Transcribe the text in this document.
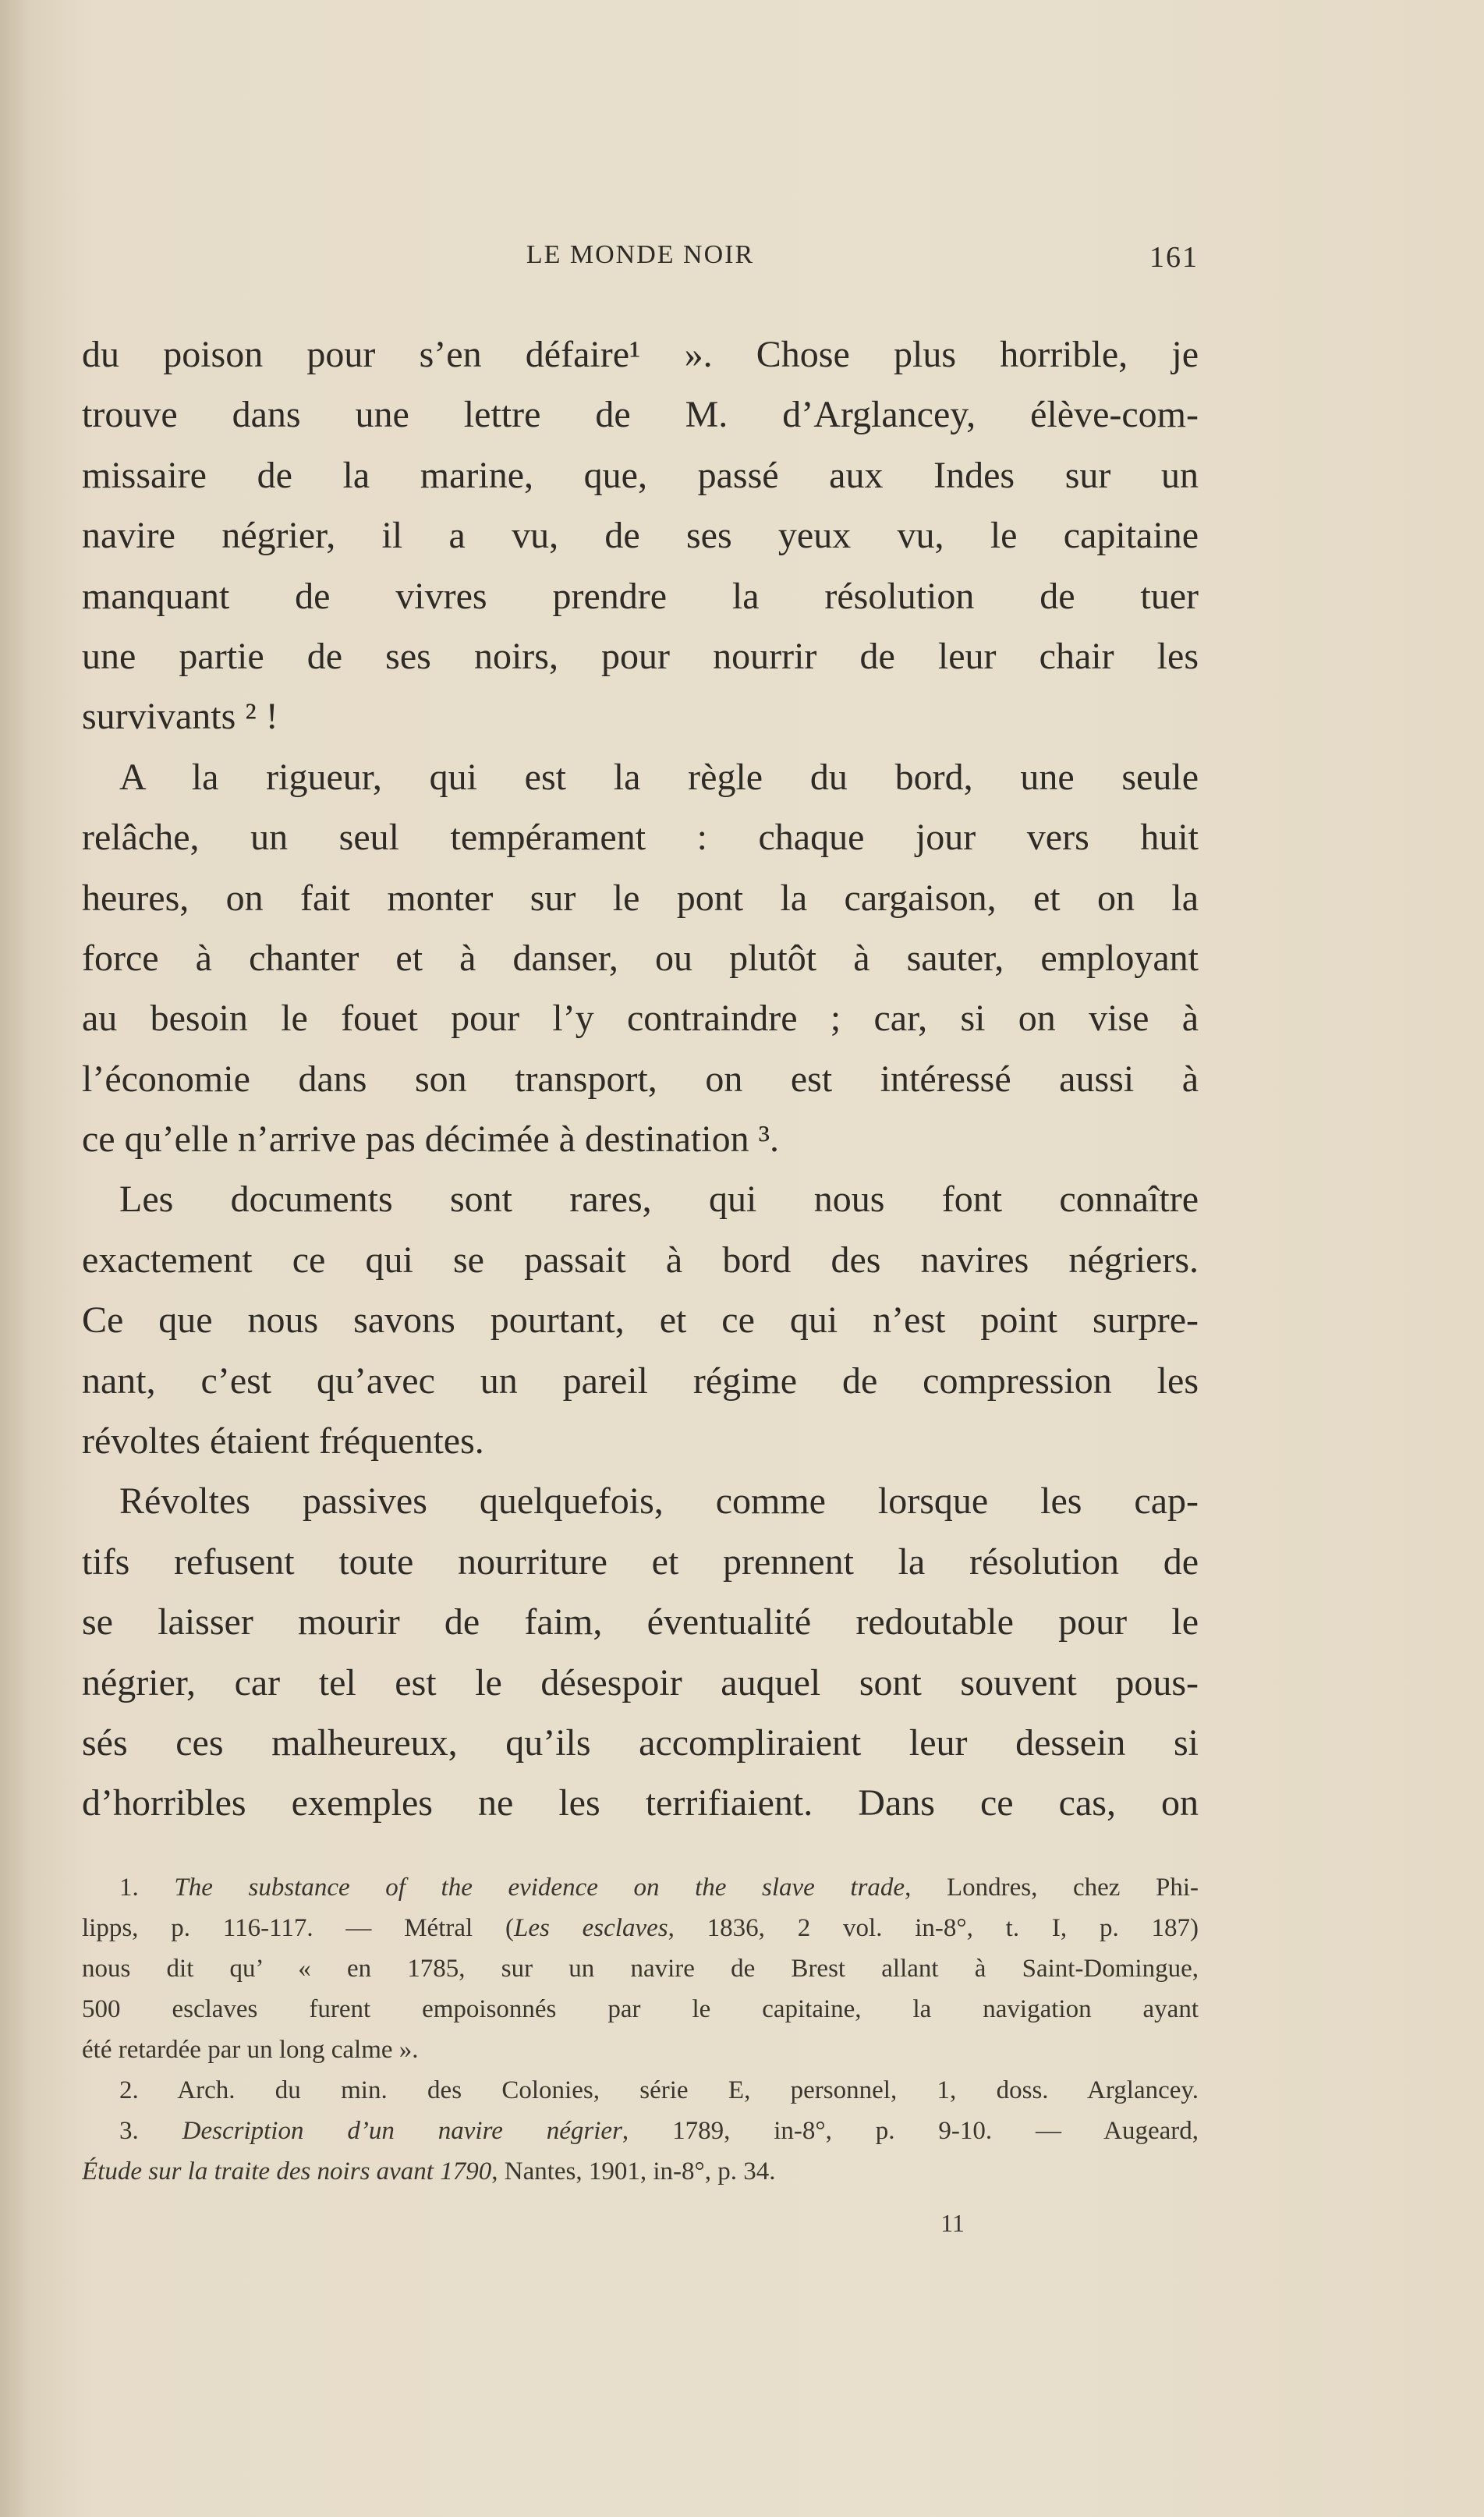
LE MONDE NOIR	161
du poison pour s’en défaire¹ ». Chose plus horrible, je
trouve dans une lettre de M. d’Arglancey, élève-com-
missaire de la marine, que, passé aux Indes sur un
navire négrier, il a vu, de ses yeux vu, le capitaine
manquant de vivres prendre la résolution de tuer
une partie de ses noirs, pour nourrir de leur chair les
survivants ² !
A la rigueur, qui est la règle du bord, une seule
relâche, un seul tempérament : chaque jour vers huit
heures, on fait monter sur le pont la cargaison, et on la
force à chanter et à danser, ou plutôt à sauter, employant
au besoin le fouet pour l’y contraindre ; car, si on vise à
l’économie dans son transport, on est intéressé aussi à
ce qu’elle n’arrive pas décimée à destination ³.
Les documents sont rares, qui nous font connaître
exactement ce qui se passait à bord des navires négriers.
Ce que nous savons pourtant, et ce qui n’est point surpre-
nant, c’est qu’avec un pareil régime de compression les
révoltes étaient fréquentes.
Révoltes passives quelquefois, comme lorsque les cap-
tifs refusent toute nourriture et prennent la résolution de
se laisser mourir de faim, éventualité redoutable pour le
négrier, car tel est le désespoir auquel sont souvent pous-
sés ces malheureux, qu’ils accompliraient leur dessein si
d’horribles exemples ne les terrifiaient. Dans ce cas, on
1. The substance of the evidence on the slave trade, Londres, chez Phi-
lipps, p. 116-117. — Métral (Les esclaves, 1836, 2 vol. in-8°, t. I, p. 187)
nous dit qu’ « en 1785, sur un navire de Brest allant à Saint-Domingue,
500 esclaves furent empoisonnés par le capitaine, la navigation ayant
été retardée par un long calme ».
2. Arch. du min. des Colonies, série E, personnel, 1, doss. Arglancey.
3. Description d’un navire négrier, 1789, in-8°, p. 9-10. — Augeard,
Étude sur la traite des noirs avant 1790, Nantes, 1901, in-8°, p. 34.
11
